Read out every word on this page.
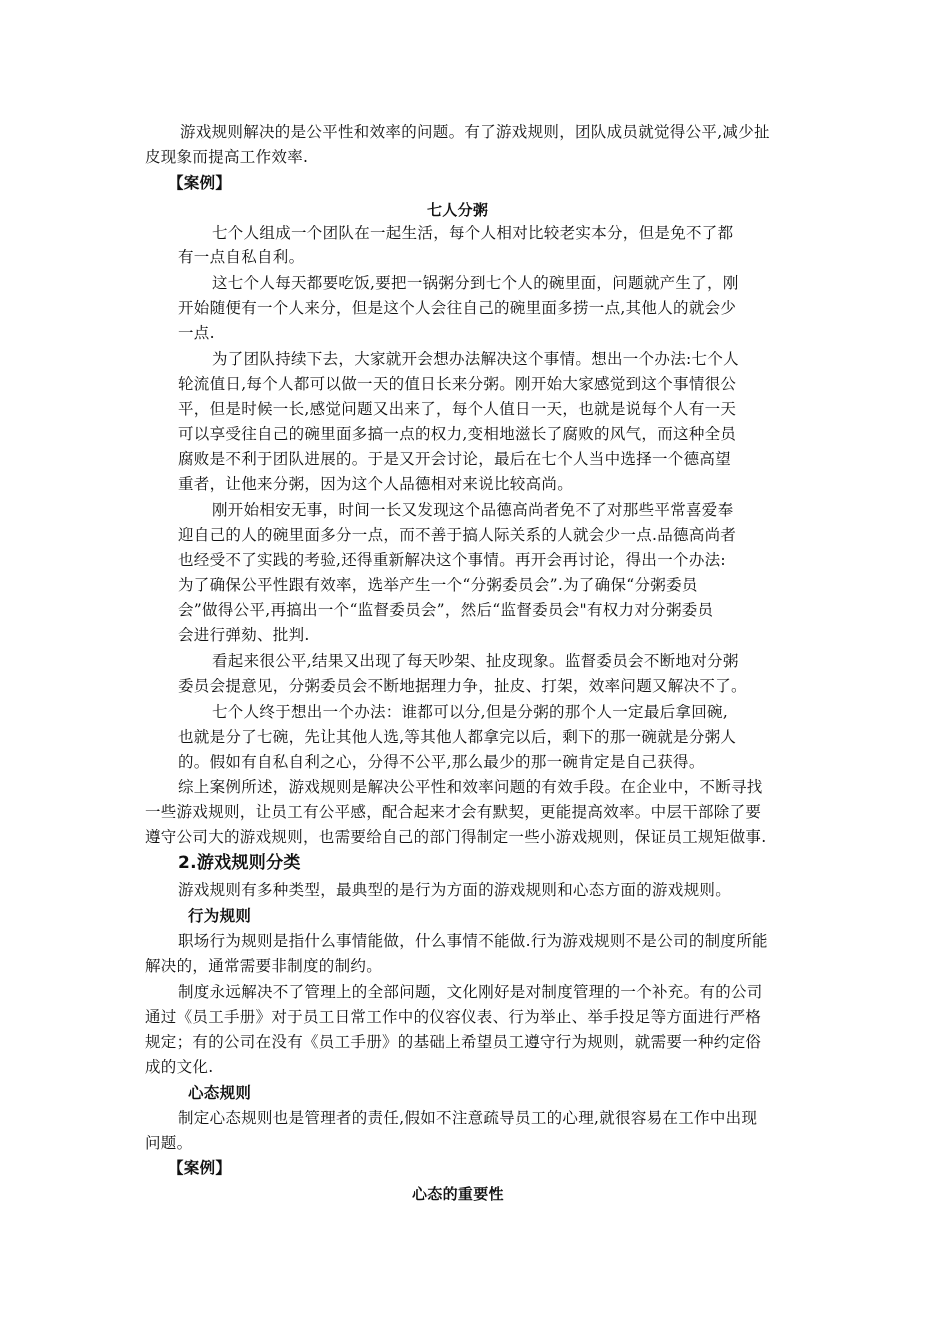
游戏规则解决的是公平性和效率的问题。有了游戏规则，团队成员就觉得公平,减少扯
皮现象而提高工作效率.
【案例】
七人分粥
七个人组成一个团队在一起生活，每个人相对比较老实本分，但是免不了都
有一点自私自利。
这七个人每天都要吃饭,要把一锅粥分到七个人的碗里面，问题就产生了，刚
开始随便有一个人来分，但是这个人会往自己的碗里面多捞一点,其他人的就会少
一点.
为了团队持续下去，大家就开会想办法解决这个事情。想出一个办法:七个人
轮流值日,每个人都可以做一天的值日长来分粥。刚开始大家感觉到这个事情很公
平，但是时候一长,感觉问题又出来了，每个人值日一天，也就是说每个人有一天
可以享受往自己的碗里面多搞一点的权力,变相地滋长了腐败的风气，而这种全员
腐败是不利于团队进展的。于是又开会讨论，最后在七个人当中选择一个德高望
重者，让他来分粥，因为这个人品德相对来说比较高尚。
刚开始相安无事，时间一长又发现这个品德高尚者免不了对那些平常喜爱奉
迎自己的人的碗里面多分一点，而不善于搞人际关系的人就会少一点.品德高尚者
也经受不了实践的考验,还得重新解决这个事情。再开会再讨论，得出一个办法:
为了确保公平性跟有效率，选举产生一个“分粥委员会”.为了确保“分粥委员
会”做得公平,再搞出一个“监督委员会”，然后“监督委员会"有权力对分粥委员
会进行弹劾、批判.
看起来很公平,结果又出现了每天吵架、扯皮现象。监督委员会不断地对分粥
委员会提意见，分粥委员会不断地据理力争，扯皮、打架，效率问题又解决不了。
七个人终于想出一个办法：谁都可以分,但是分粥的那个人一定最后拿回碗,
也就是分了七碗，先让其他人选,等其他人都拿完以后，剩下的那一碗就是分粥人
的。假如有自私自利之心，分得不公平,那么最少的那一碗肯定是自己获得。
综上案例所述，游戏规则是解决公平性和效率问题的有效手段。在企业中，不断寻找
一些游戏规则，让员工有公平感，配合起来才会有默契，更能提高效率。中层干部除了要
遵守公司大的游戏规则，也需要给自己的部门得制定一些小游戏规则，保证员工规矩做事.
2.游戏规则分类
游戏规则有多种类型，最典型的是行为方面的游戏规则和心态方面的游戏规则。
行为规则
职场行为规则是指什么事情能做，什么事情不能做.行为游戏规则不是公司的制度所能
解决的，通常需要非制度的制约。
制度永远解决不了管理上的全部问题，文化刚好是对制度管理的一个补充。有的公司
通过《员工手册》对于员工日常工作中的仪容仪表、行为举止、举手投足等方面进行严格
规定；有的公司在没有《员工手册》的基础上希望员工遵守行为规则，就需要一种约定俗
成的文化.
心态规则
制定心态规则也是管理者的责任,假如不注意疏导员工的心理,就很容易在工作中出现
问题。
【案例】
心态的重要性
